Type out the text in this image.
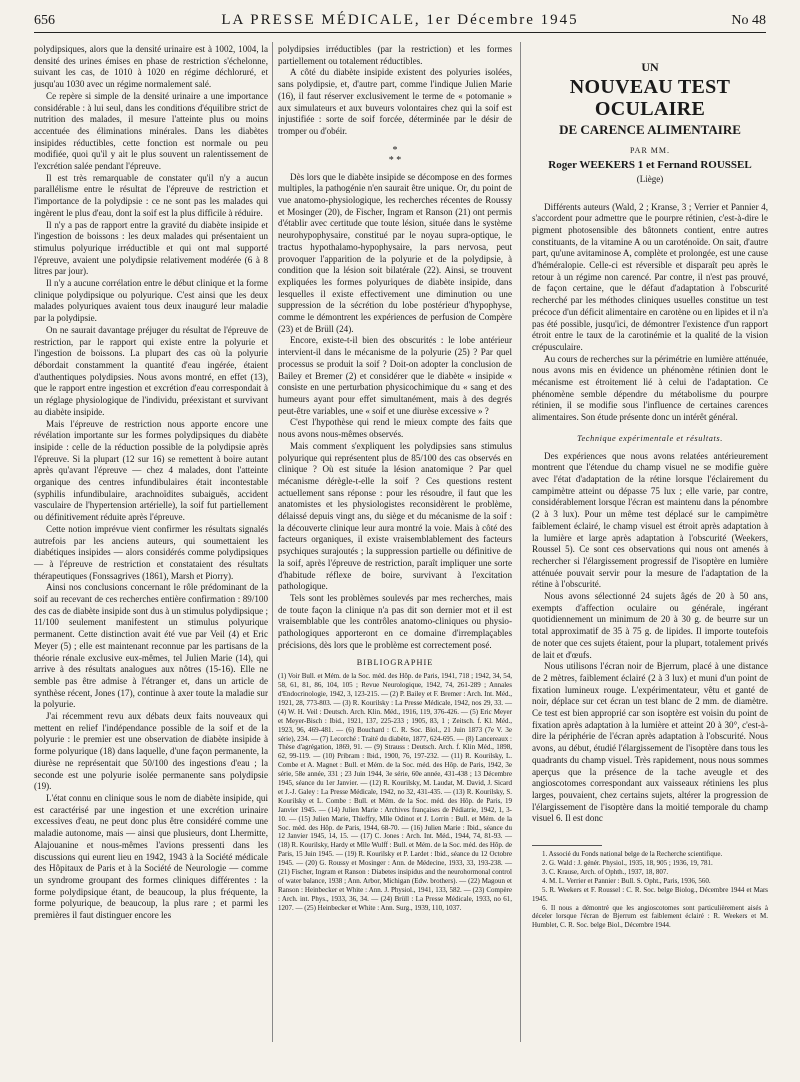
656	LA PRESSE MÉDICALE, 1er Décembre 1945	No 48

polydipsiques, alors que la densité urinaire est à 1002, 1004, la densité des urines émises en phase de restriction s'échelonne, suivant les cas, de 1010 à 1020 en régime déchloruré, et jusqu'au 1030 avec un régime normalement salé.

Ce repère si simple de la densité urinaire a une importance considérable : à lui seul, dans les conditions d'équilibre strict de nutrition des malades, il mesure l'atteinte plus ou moins accentuée des éliminations minérales. Dans les diabètes insipides réductibles, cette fonction est normale ou peu modifiée, quoi qu'il y ait le plus souvent un ralentissement de l'excrétion salée pendant l'épreuve.

Il est très remarquable de constater qu'il n'y a aucun parallélisme entre le résultat de l'épreuve de restriction et l'importance de la polydipsie : ce ne sont pas les malades qui ingèrent le plus d'eau, dont la soif est la plus difficile à réduire.

Il n'y a pas de rapport entre la gravité du diabète insipide et l'ingestion de boissons : les deux malades qui présentaient un stimulus polyurique irréductible et qui ont mal supporté l'épreuve, avaient une polydipsie relativement modérée (6 à 8 litres par jour).

Il n'y a aucune corrélation entre le début clinique et la forme clinique polydipsique ou polyurique. C'est ainsi que les deux malades polyuriques avaient tous deux inauguré leur maladie par la polydipsie.

On ne saurait davantage préjuger du résultat de l'épreuve de restriction, par le rapport qui existe entre la polyurie et l'ingestion de boissons. La plupart des cas où la polyurie débordait constamment la quantité d'eau ingérée, étaient d'authentiques polydipsies. Nous avons montré, en effet (13), que le rapport entre ingestion et excrétion d'eau correspondait à un réglage physiologique de l'individu, préexistant et survivant au diabète insipide.

Mais l'épreuve de restriction nous apporte encore une révélation importante sur les formes polydipsiques du diabète insipide : celle de la réduction possible de la polydipsie après l'épreuve. Si la plupart (12 sur 16) se remettent à boire autant après qu'avant l'épreuve — chez 4 malades, dont l'atteinte organique des centres infundibulaires était incontestable (syphilis infundibulaire, arachnoïdites subaiguës, accident vasculaire de l'hypertension artérielle), la soif fut partiellement ou définitivement réduite après l'épreuve.

Cette notion imprévue vient confirmer les résultats signalés autrefois par les anciens auteurs, qui soumettaient les diabétiques insipides — alors considérés comme polydipsiques — à l'épreuve de restriction et constataient des résultats thérapeutiques (Fonssagrives (1861), Marsh et Piorry).

Ainsi nos conclusions concernant le rôle prédominant de la soif au recevant de ces recherches entière confirmation : 89/100 des cas de diabète insipide sont dus à un stimulus polydipsique ; 11/100 seulement manifestent un stimulus polyurique permanent. Cette distinction avait été vue par Veil (4) et Eric Meyer (5) ; elle est maintenant reconnue par les partisans de la théorie rénale exclusive eux-mêmes, tel Julien Marie (14), qui arrive à des résultats analogues aux nôtres (15-16). Elle ne semble pas être admise à l'étranger et, dans un article de synthèse récent, Jones (17), continue à axer toute la maladie sur la polyurie.

J'ai récemment revu aux débats deux faits nouveaux qui mettent en relief l'indépendance possible de la soif et de la polyurie : le premier est une observation de diabète insipide à forme polyurique (18) dans laquelle, d'une façon permanente, la diurèse ne représentait que 50/100 des ingestions d'eau ; la seconde est une polyurie isolée permanente sans polydipsie (19).

L'état connu en clinique sous le nom de diabète insipide, qui est caractérisé par une ingestion et une excrétion urinaire excessives d'eau, ne peut donc plus être considéré comme une maladie autonome, mais — ainsi que plusieurs, dont Lhermitte, Alajouanine et nous-mêmes l'avions pressenti dans les discussions qui eurent lieu en 1942, 1943 à la Société médicale des Hôpitaux de Paris et à la Société de Neurologie — comme un syndrome groupant des formes cliniques différentes : la forme polydipsique étant, de beaucoup, la plus fréquente, la forme polyurique, de beaucoup, la plus rare ; et parmi les premières il faut distinguer encore les

polydipsies irréductibles (par la restriction) et les formes partiellement ou totalement réductibles.

A côté du diabète insipide existent des polyuries isolées, sans polydipsie, et, d'autre part, comme l'indique Julien Marie (16), il faut réserver exclusivement le terme de « potomanie » aux simulateurs et aux buveurs volontaires chez qui la soif est injustifiée : sorte de soif forcée, déterminée par le désir de tromper ou d'obéir.

*
* *

Dès lors que le diabète insipide se décompose en des formes multiples, la pathogénie n'en saurait être unique. Or, du point de vue anatomo-physiologique, les recherches récentes de Roussy et Mosinger (20), de Fischer, Ingram et Ranson (21) ont permis d'établir avec certitude que toute lésion, située dans le système neurohypophysaire, constitué par le noyau supra-optique, le tractus hypothalamo-hypophysaire, la pars nervosa, peut provoquer l'apparition de la polyurie et de la polydipsie, à condition que la lésion soit bilatérale (22). Ainsi, se trouvent expliquées les formes polyuriques de diabète insipide, dans lesquelles il existe effectivement une diminution ou une suppression de la sécrétion du lobe postérieur d'hypophyse, comme le démontrent les expériences de perfusion de Compère (23) et de Brüll (24).

Encore, existe-t-il bien des obscurités : le lobe antérieur intervient-il dans le mécanisme de la polyurie (25) ? Par quel processus se produit la soif ? Doit-on adopter la conclusion de Bailey et Bremer (2) et considérer que le diabète « insipide « consiste en une perturbation physicochimique du « sang et des humeurs ayant pour effet simultanément, mais à des degrés peut-être variables, une « soif et une diurèse excessive » ?

C'est l'hypothèse qui rend le mieux compte des faits que nous avons nous-mêmes observés.

Mais comment s'expliquent les polydipsies sans stimulus polyurique qui représentent plus de 85/100 des cas observés en clinique ? Où est située la lésion anatomique ? Par quel mécanisme dérègle-t-elle la soif ? Ces questions restent actuellement sans réponse : pour les résoudre, il faut que les anatomistes et les physiologistes reconsidèrent le problème, délaissé depuis vingt ans, du siège et du mécanisme de la soif : la découverte clinique leur aura montré la voie. Mais à côté des facteurs organiques, il existe vraisemblablement des facteurs psychiques surajoutés ; la suppression partielle ou définitive de la soif, après l'épreuve de restriction, paraît impliquer une sorte d'habitude réflexe de boire, survivant à l'excitation pathologique.

Tels sont les problèmes soulevés par mes recherches, mais de toute façon la clinique n'a pas dit son dernier mot et il est vraisemblable que les contrôles anatomo-cliniques ou physio-pathologiques apporteront en ce domaine d'irremplaçables précisions, dès lors que le problème est correctement posé.

BIBLIOGRAPHIE
(1) Voir Bull. et Mém. de la Soc. méd. des Hôp. de Paris, 1941, 718 ; 1942, 34, 54, 58, 61, 81, 86, 104, 105 ; Revue Neurologique, 1942, 74, 261-289 ; Annales d'Endocrinologie, 1942, 3, 123-215. — (2) P. Bailey et F. Bremer : Arch. Int. Méd., 1921, 28, 773-803. — (3) R. Kourilsky : La Presse Médicale, 1942, nos 29, 33. — (4) W. H. Veil : Deutsch. Arch. Klin. Méd., 1916, 119, 376-426. — (5) Eric Meyer et Meyer-Bisch : Ibid., 1921, 137, 225-233 ; 1905, 83, 1 ; Zeitsch. f. Kl. Méd., 1923, 96, 469-481. — (6) Bouchard : C. R. Soc. Biol., 21 Juin 1873 (7e V. 3e série), 234. — (7) Lecorché : Traité du diabète, 1877, 624-695. — (8) Lancereaux : Thèse d'agrégation, 1869, 91. — (9) Strauss : Deutsch. Arch. f. Klin Méd., 1898, 62, 99-119. — (10) Pribram : Ibid., 1900, 76, 197-232. — (11) R. Kourilsky, L. Combe et A. Magnet : Bull. et Mém. de la Soc. méd. des Hôp. de Paris, 1942, 3e série, 58e année, 331 ; 23 Juin 1944, 3e série, 60e année, 431-438 ; 13 Décembre 1945, séance du 1er Janvier. — (12) R. Kourilsky, M. Laudat, M. David, J. Sicard et J.-J. Galey : La Presse Médicale, 1942, no 32, 431-435. — (13) R. Kourilsky, S. Kourilsky et L. Combe : Bull. et Mém. de la Soc. méd. des Hôp. de Paris, 19 Janvier 1945. — (14) Julien Marie : Archives françaises de Pédiatrie, 1942, 1, 3-10. — (15) Julien Marie, Thieffry, Mlle Odinot et J. Lorrin : Bull. et Mém. de la Soc. méd. des Hôp. de Paris, 1944, 68-70. — (16) Julien Marie : Ibid., séance du 12 Janvier 1945, 14, 15. — (17) C. Jones : Arch. Int. Méd., 1944, 74, 81-93. — (18) R. Kourilsky, Hardy et Mlle Wulff : Bull. et Mém. de la Soc. méd. des Hôp. de Paris, 15 Juin 1945. — (19) R. Kourilsky et P. Lardet : Ibid., séance du 12 Octobre 1945. — (20) G. Roussy et Mosinger : Ann. de Médecine, 1933, 33, 193-238. — (21) Fischer, Ingram et Ranson : Diabetes insipidus and the neurohormonal control of water balance, 1938 ; Ann. Arbor, Michigan (Edw. brothers). — (22) Magoun et Ranson : Heinbecker et White : Ann. J. Physiol., 1941, 133, 582. — (23) Compère : Arch. int. Phys., 1933, 36, 34. — (24) Brüll : La Presse Médicale, 1933, no 61, 1207. — (25) Heinbecker et White : Ann. Surg., 1939, 110, 1037.
UN
NOUVEAU TEST OCULAIRE
DE CARENCE ALIMENTAIRE
PAR MM.
Roger WEEKERS 1 et Fernand ROUSSEL
(Liège)

Différents auteurs (Wald, 2 ; Kranse, 3 ; Verrier et Pannier 4, s'accordent pour admettre que le pourpre rétinien, c'est-à-dire le pigment photosensible des bâtonnets contient, entre autres constituants, de la vitamine A ou un caroténoïde. On sait, d'autre part, qu'une avitaminose A, complète et prolongée, est une cause d'héméralopie. Celle-ci est réversible et disparaît peu après le retour à un régime non carencé. Par contre, il n'est pas prouvé, de façon certaine, que le défaut d'adaptation à l'obscurité recherché par les méthodes cliniques usuelles constitue un test précoce d'un déficit alimentaire en carotène ou en lipides et il n'a pas été possible, jusqu'ici, de démontrer l'existence d'un rapport étroit entre le taux de la carotinémie et la qualité de la vision crépusculaire.

Au cours de recherches sur la périmétrie en lumière atténuée, nous avons mis en évidence un phénomène rétinien dont le mécanisme est étroitement lié à celui de l'adaptation. Ce phénomène semble dépendre du métabolisme du pourpre rétinien, il se modifie sous l'influence de certaines carences alimentaires. Son étude présente donc un intérêt général.

Technique expérimentale et résultats.

Des expériences que nous avons relatées antérieurement montrent que l'étendue du champ visuel ne se modifie guère avec l'état d'adaptation de la rétine lorsque l'éclairement du campimètre atteint ou dépasse 75 lux ; elle varie, par contre, considérablement lorsque l'écran est maintenu dans la pénombre (2 à 3 lux). Pour un même test déplacé sur le campimètre faiblement éclairé, le champ visuel est étroit après adaptation à la lumière et large après adaptation à l'obscurité (Weekers, Roussel 5). Ce sont ces observations qui nous ont amenés à rechercher si l'élargissement progressif de l'isoptère en lumière atténuée pouvait servir pour la mesure de l'adaptation de la rétine à l'obscurité.

Nous avons sélectionné 24 sujets âgés de 20 à 50 ans, exempts d'affection oculaire ou générale, ingérant quotidiennement un minimum de 20 à 30 g. de beurre sur un total approximatif de 35 à 75 g. de lipides. Il importe toutefois de noter que ces sujets étaient, pour la plupart, totalement privés de lait et d'œufs.

Nous utilisons l'écran noir de Bjerrum, placé à une distance de 2 mètres, faiblement éclairé (2 à 3 lux) et muni d'un point de fixation lumineux rouge. L'expérimentateur, vêtu et ganté de noir, déplace sur cet écran un test blanc de 2 mm. de diamètre. Ce test est bien approprié car son isoptère est voisin du point de fixation après adaptation à la lumière et atteint 20 à 30°, c'est-à-dire la périphérie de l'écran après adaptation à l'obscurité. Nous avons, au début, étudié l'élargissement de l'isoptère dans tous les quadrants du champ visuel. Très rapidement, nous nous sommes aperçus que la présence de la tache aveugle et des angioscotomes correspondant aux vaisseaux rétiniens les plus larges, pouvaient, chez certains sujets, altérer la progression de l'élargissement de l'isoptère dans la moitié temporale du champ visuel 6. Il est donc

1. Associé du Fonds national belge de la Recherche scientifique.

2. G. Wald : J. génér. Physiol., 1935, 18, 905 ; 1936, 19, 781.

3. C. Krause, Arch. of Ophth., 1937, 18, 807.

4. M. L. Verrier et Pannier : Bull. S. Opht., Paris, 1936, 560.

5. R. Weekers et F. Roussel : C. R. Soc. belge Biolog., Décembre 1944 et Mars 1945.

6. Il nous a démontré que les angioscotomes sont particulièrement aisés à déceler lorsque l'écran de Bjerrum est faiblement éclairé : R. Weekers et M. Humblet, C. R. Soc. belge Biol., Décembre 1944.
